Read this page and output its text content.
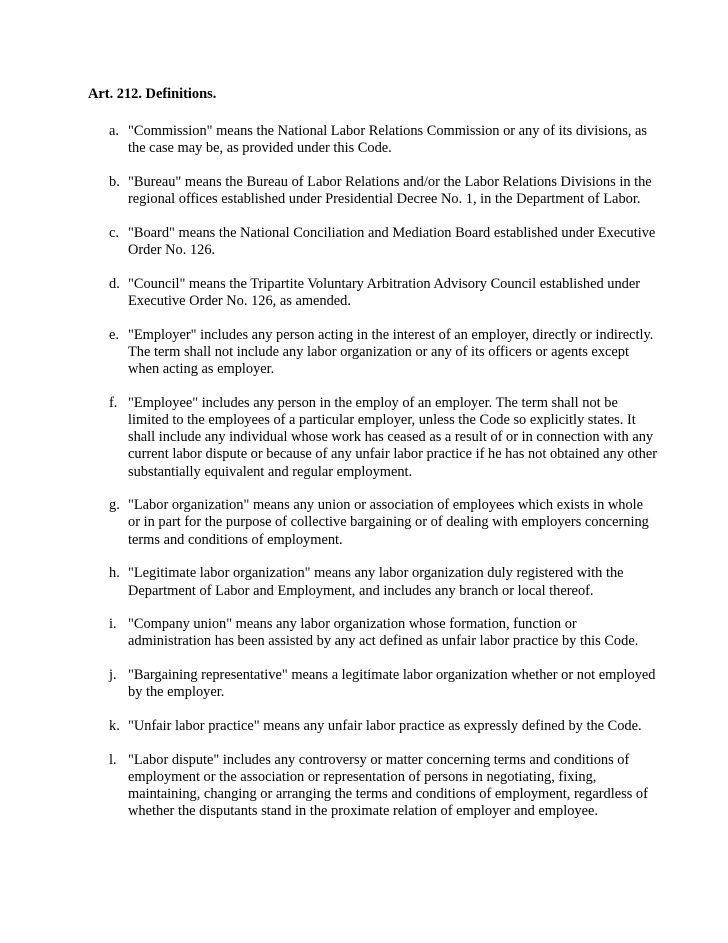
Art. 212. Definitions.
a. "Commission" means the National Labor Relations Commission or any of its divisions, as the case may be, as provided under this Code.
b. "Bureau" means the Bureau of Labor Relations and/or the Labor Relations Divisions in the regional offices established under Presidential Decree No. 1, in the Department of Labor.
c. "Board" means the National Conciliation and Mediation Board established under Executive Order No. 126.
d. "Council" means the Tripartite Voluntary Arbitration Advisory Council established under Executive Order No. 126, as amended.
e. "Employer" includes any person acting in the interest of an employer, directly or indirectly. The term shall not include any labor organization or any of its officers or agents except when acting as employer.
f. "Employee" includes any person in the employ of an employer. The term shall not be limited to the employees of a particular employer, unless the Code so explicitly states. It shall include any individual whose work has ceased as a result of or in connection with any current labor dispute or because of any unfair labor practice if he has not obtained any other substantially equivalent and regular employment.
g. "Labor organization" means any union or association of employees which exists in whole or in part for the purpose of collective bargaining or of dealing with employers concerning terms and conditions of employment.
h. "Legitimate labor organization" means any labor organization duly registered with the Department of Labor and Employment, and includes any branch or local thereof.
i. "Company union" means any labor organization whose formation, function or administration has been assisted by any act defined as unfair labor practice by this Code.
j. "Bargaining representative" means a legitimate labor organization whether or not employed by the employer.
k. "Unfair labor practice" means any unfair labor practice as expressly defined by the Code.
l. "Labor dispute" includes any controversy or matter concerning terms and conditions of employment or the association or representation of persons in negotiating, fixing, maintaining, changing or arranging the terms and conditions of employment, regardless of whether the disputants stand in the proximate relation of employer and employee.
